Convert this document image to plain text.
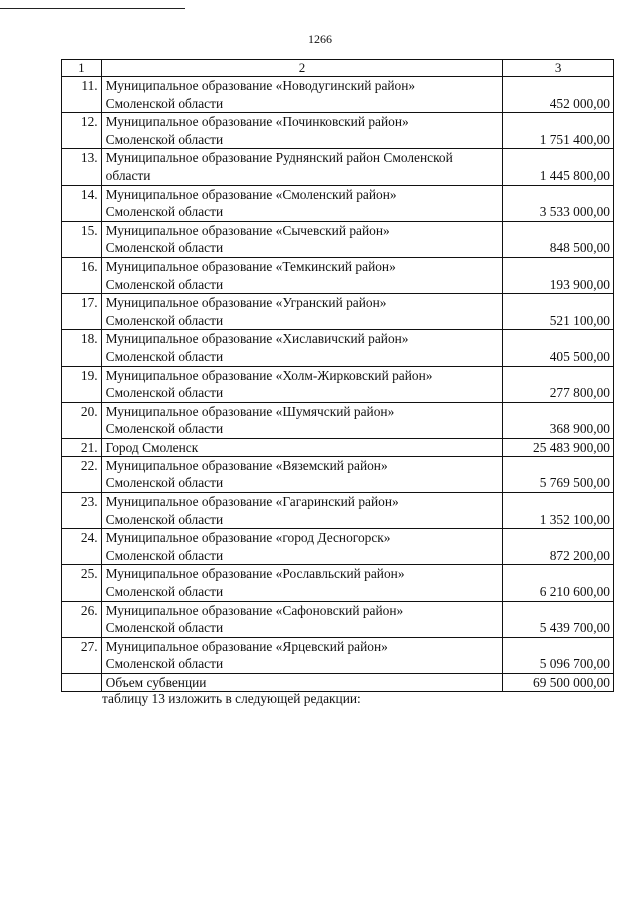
1266
1	2	3
11.	Муниципальное образование «Новодугинский район»
Смоленской области	452 000,00
12.	Муниципальное образование «Починковский район»
Смоленской области	1 751 400,00
13.	Муниципальное образование Руднянский район Смоленской
области	1 445 800,00
14.	Муниципальное образование «Смоленский район»
Смоленской области	3 533 000,00
15.	Муниципальное образование «Сычевский район»
Смоленской области	848 500,00
16.	Муниципальное образование «Темкинский район»
Смоленской области	193 900,00
17.	Муниципальное образование «Угранский район»
Смоленской области	521 100,00
18.	Муниципальное образование «Хиславичский район»
Смоленской области	405 500,00
19.	Муниципальное образование «Холм-Жирковский район»
Смоленской области	277 800,00
20.	Муниципальное образование «Шумячский район»
Смоленской области	368 900,00
21.	Город Смоленск	25 483 900,00
22.	Муниципальное образование «Вяземский район»
Смоленской области	5 769 500,00
23.	Муниципальное образование «Гагаринский район»
Смоленской области	1 352 100,00
24.	Муниципальное образование «город Десногорск»
Смоленской области	872 200,00
25.	Муниципальное образование «Рославльский район»
Смоленской области	6 210 600,00
26.	Муниципальное образование «Сафоновский район»
Смоленской области	5 439 700,00
27.	Муниципальное образование «Ярцевский район»
Смоленской области	5 096 700,00
	Объем субвенции	69 500 000,00
таблицу 13 изложить в следующей редакции:
